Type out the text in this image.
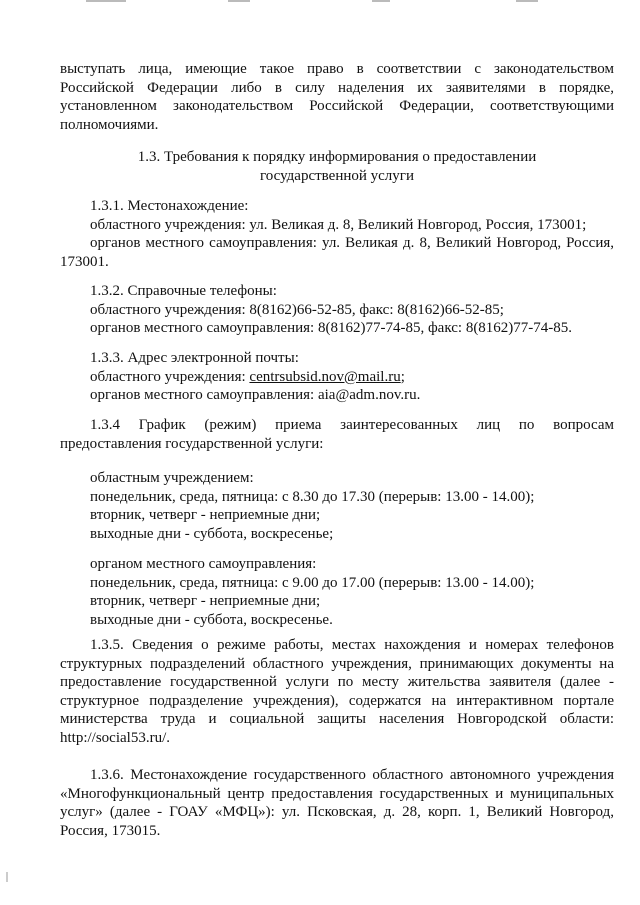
выступать лица, имеющие такое право в соответствии с законодательством

Российской Федерации либо в силу наделения их заявителями в порядке,

установленном законодательством Российской Федерации, соответствующими

полномочиями.

1.3. Требования к порядку информирования о предоставлении

государственной услуги

1.3.1. Местонахождение:

областного учреждения: ул. Великая д. 8, Великий Новгород, Россия, 173001;

органов местного самоуправления: ул. Великая д. 8, Великий Новгород, Россия,

173001.

1.3.2. Справочные телефоны:

областного учреждения: 8(8162)66-52-85, факс: 8(8162)66-52-85;

органов местного самоуправления: 8(8162)77-74-85, факс: 8(8162)77-74-85.

1.3.3. Адрес электронной почты:

областного учреждения: centrsubsid.nov@mail.ru;

органов местного самоуправления: aia@adm.nov.ru.

1.3.4 График (режим) приема заинтересованных лиц по вопросам

предоставления государственной услуги:

областным учреждением:

понедельник, среда, пятница: с 8.30 до 17.30 (перерыв: 13.00 - 14.00);

вторник, четверг - неприемные дни;

выходные дни - суббота, воскресенье;

органом местного самоуправления:

понедельник, среда, пятница: с 9.00 до 17.00 (перерыв: 13.00 - 14.00);

вторник, четверг - неприемные дни;

выходные дни - суббота, воскресенье.

1.3.5. Сведения о режиме работы, местах нахождения и номерах телефонов

структурных подразделений областного учреждения, принимающих документы на

предоставление государственной услуги по месту жительства заявителя (далее -

структурное подразделение учреждения), содержатся на интерактивном портале

министерства труда и социальной защиты населения Новгородской области:

http://social53.ru/.

1.3.6. Местонахождение государственного областного автономного учреждения

«Многофункциональный центр предоставления государственных и муниципальных

услуг» (далее - ГОАУ «МФЦ»): ул. Псковская, д. 28, корп. 1, Великий Новгород,

Россия, 173015.
